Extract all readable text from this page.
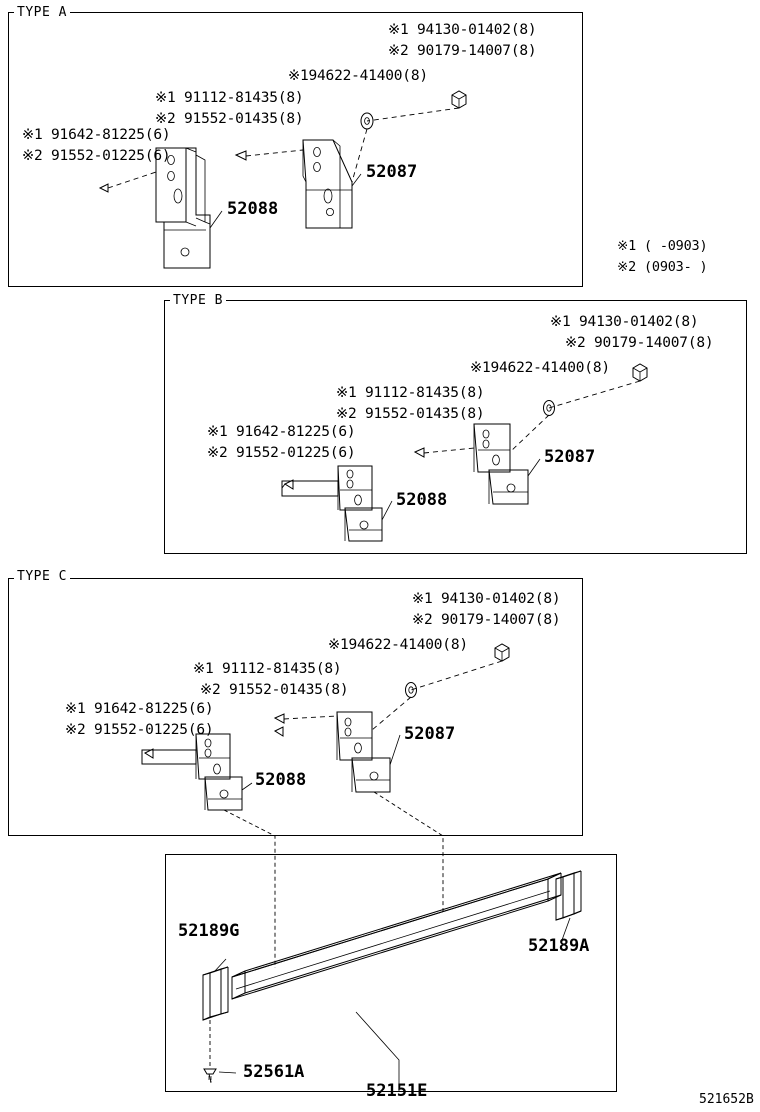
TYPE A
TYPE B
TYPE C
※1 94130-01402(8)
※2 90179-14007(8)
※194622-41400(8)
※1 91112-81435(8)
※2 91552-01435(8)
※1 91642-81225(6)
※2 91552-01225(6)
52087
52088
※1 ( -0903)
※2 (0903- )
※1 94130-01402(8)
※2 90179-14007(8)
※194622-41400(8)
※1 91112-81435(8)
※2 91552-01435(8)
※1 91642-81225(6)
※2 91552-01225(6)	52087
52088
※1 94130-01402(8)
※2 90179-14007(8)
※194622-41400(8)
※1 91112-81435(8)
※2 91552-01435(8)
※1 91642-81225(6)
※2 91552-01225(6)	52087
52088
52189G
52189A
52561A
52151E	521652B
